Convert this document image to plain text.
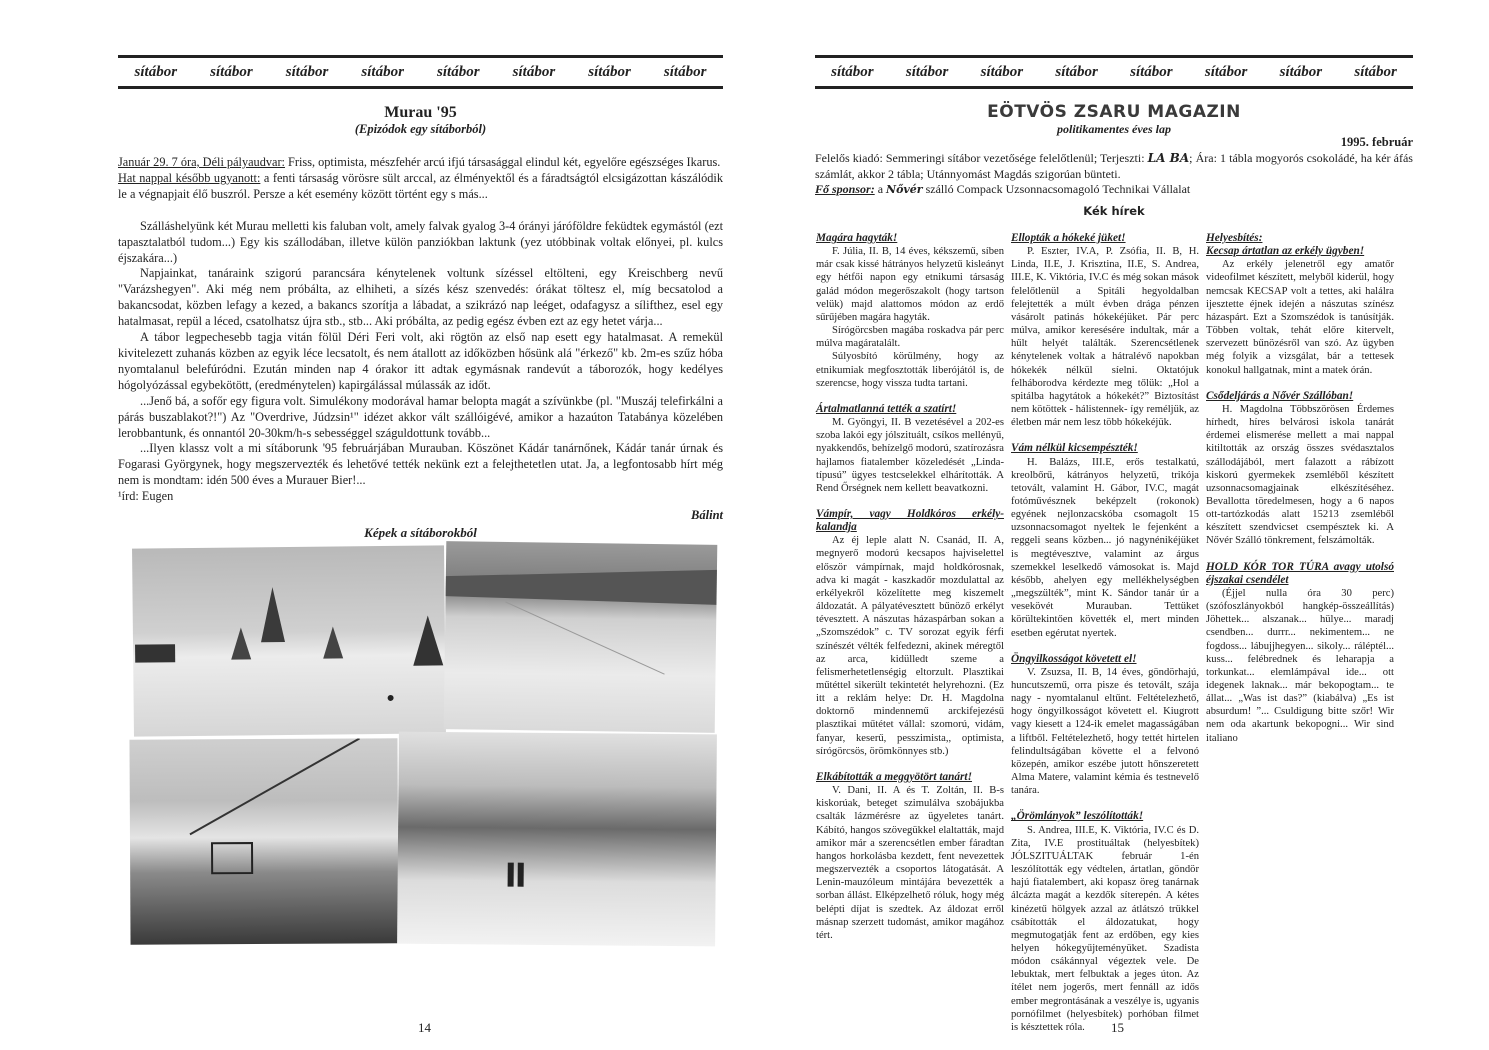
sítábor sítábor sítábor sítábor sítábor sítábor sítábor sítábor
Murau '95
(Epizódok egy sítáborból)

Január 29. 7 óra, Déli pályaudvar: Friss, optimista, mészfehér arcú ifjú társasággal elindul két, egyelőre egészséges Ikarus.

Hat nappal később ugyanott: a fenti társaság vörösre sült arccal, az élményektől és a fáradtságtól elcsigázottan kászálódik le a végnapjait élő buszról. Persze a két esemény között történt egy s más...

Szálláshelyünk két Murau melletti kis faluban volt, amely falvak gyalog 3-4 órányi járóföldre feküdtek egymástól (ezt tapasztalatból tudom...) Egy kis szállodában, illetve külön panziókban laktunk (yez utóbbinak voltak előnyei, pl. kulcs éjszakára...)

Napjainkat, tanáraink szigorú parancsára kénytelenek voltunk sízéssel eltölteni, egy Kreischberg nevű "Varázshegyen". Aki még nem próbálta, az elhiheti, a sízés kész szenvedés: órákat töltesz el, míg becsatolod a bakancsodat, közben lefagy a kezed, a bakancs szorítja a lábadat, a szikrázó nap leéget, odafagysz a sílifthez, esel egy hatalmasat, repül a léced, csatolhatsz újra stb., stb... Aki próbálta, az pedig egész évben ezt az egy hetet várja...

A tábor legpechesebb tagja vitán fölül Déri Feri volt, aki rögtön az első nap esett egy hatalmasat. A remekül kivitelezett zuhanás közben az egyik léce lecsatolt, és nem átallott az időközben hősünk alá "érkező" kb. 2m-es szűz hóba nyomtalanul belefúródni. Ezután minden nap 4 órakor itt adtak egymásnak randevút a táborozók, hogy kedélyes hógolyózással egybekötött, (eredménytelen) kapirgálással múlassák az időt.

...Jenő bá, a sofőr egy figura volt. Simulékony modorával hamar belopta magát a szívünkbe (pl. "Muszáj telefirkálni a párás buszablakot?!") Az "Overdrive, Júdzsin¹" idézet akkor vált szállóigévé, amikor a hazaúton Tatabánya közelében lerobbantunk, és onnantól 20-30km/h-s sebességgel száguldottunk tovább...

...Ilyen klassz volt a mi sítáborunk '95 februárjában Murauban. Köszönet Kádár tanárnőnek, Kádár tanár úrnak és Fogarasi Györgynek, hogy megszervezték és lehetővé tették nekünk ezt a felejthetetlen utat. Ja, a legfontosabb hírt még nem is mondtam: idén 500 éves a Murauer Bier!...

¹írd: Eugen

Bálint
Képek a sítáborokból
14
sítábor sítábor sítábor sítábor sítábor sítábor sítábor sítábor
EÖTVÖS ZSARU MAGAZIN
politikamentes éves lap
1995. február
Felelős kiadó: Semmeringi sítábor vezetősége felelőtlenül; Terjeszti: LA BA; Ára: 1 tábla mogyorós csokoládé, ha kér áfás számlát, akkor 2 tábla; Utánnyomást Magdás szigorúan bünteti.
Fő sponsor: a Nővér szálló Compack Uzsonnacsomagoló Technikai Vállalat
Kék hírek

Magára hagyták!

F. Júlia, II. B, 14 éves, kékszemű, síben már csak kissé hátrányos helyzetű kisleányt egy hétfői napon egy etnikumi társaság galád módon megerőszakolt (hogy tartson velük) majd alattomos módon az erdő sűrűjében magára hagyták.

Sírógörcsben magába roskadva pár perc múlva magáratalált.

Súlyosbító körülmény, hogy az etnikumiak megfosztották liberójától is, de szerencse, hogy vissza tudta tartani.

Ártalmatlanná tették a szatírt!

M. Gyöngyi, II. B vezetésével a 202-es szoba lakói egy jólszituált, csíkos mellényű, nyakkendős, behízelgő modorú, szatírozásra hajlamos fiatalember közeledését „Linda-típusú” ügyes testcselekkel elhárították. A Rend Őrségnek nem kellett beavatkozni.

Vámpír, vagy Holdkóros erkély-kalandja

Az éj leple alatt N. Csanád, II. A, megnyerő modorú kecsapos hajviselettel először vámpírnak, majd holdkórosnak, adva ki magát - kaszkadőr mozdulattal az erkélyekről közelítette meg kiszemelt áldozatát. A pályatévesztett bűnöző erkélyt tévesztett. A nászutas házaspárban sokan a „Szomszédok” c. TV sorozat egyik férfi színészét vélték felfedezni, akinek méregtől az arca, kidülledt szeme a felismerhetetlenségig eltorzult. Plasztikai műtéttel sikerült tekintetét helyrehozni. (Ez itt a reklám helye: Dr. H. Magdolna doktornő mindennemű arckifejezésű plasztikai műtétet vállal: szomorú, vidám, fanyar, keserű, pesszimista,, optimista, sírógörcsös, örömkönnyes stb.)

Elkábították a meggyötört tanárt!

V. Dani, II. A és T. Zoltán, II. B-s kiskorúak, beteget szimulálva szobájukba csalták lázmérésre az ügyeletes tanárt. Kábító, hangos szövegükkel elaltatták, majd amikor már a szerencsétlen ember fáradtan hangos horkolásba kezdett, fent nevezettek megszervezték a csoportos látogatását. A Lenin-mauzóleum mintájára bevezették a sorban állást. Elképzelhető róluk, hogy még belépti díjat is szedtek. Az áldozat erről másnap szerzett tudomást, amikor magához tért.

Ellopták a hókeké jüket!

P. Eszter, IV.A, P. Zsófia, II. B, H. Linda, II.E, J. Krisztina, II.E, S. Andrea, III.E, K. Viktória, IV.C és még sokan mások felelőtlenül a Spitáli hegyoldalban felejtették a múlt évben drága pénzen vásárolt patinás hókekéjüket. Pár perc múlva, amikor keresésére indultak, már a hűlt helyét találták. Szerencsétlenek kénytelenek voltak a hátralévő napokban hókekék nélkül síelni. Oktatójuk felháborodva kérdezte meg tőlük: „Hol a spitálba hagytátok a hókekét?” Biztosítást nem kötöttek - hálistennek- így reméljük, az életben már nem lesz több hókekéjük.

Vám nélkül kicsempészték!

H. Balázs, III.E, erős testalkatú, kreolbőrű, kátrányos helyzetű, trikója tetovált, valamint H. Gábor, IV.C, magát fotóművésznek beképzelt (rokonok) egyének nejlonzacskóba csomagolt 15 uzsonnacsomagot nyeltek le fejenként a reggeli seans közben... jó nagynénikéjüket is megtévesztve, valamint az árgus szemekkel leselkedő vámosokat is. Majd később, ahelyen egy mellékhelységben „megszülték”, mint K. Sándor tanár úr a vesekövét Murauban. Tettüket körültekintően követték el, mert minden esetben egérutat nyertek.

Öngyilkosságot követett el!

V. Zsuzsa, II. B, 14 éves, göndörhajú, huncutszemű, orra pisze és tetovált, szája nagy - nyomtalanul eltűnt. Feltételezhető, hogy öngyilkosságot követett el. Kiugrott vagy kiesett a 124-ik emelet magasságában a liftből. Feltételezhető, hogy tettét hirtelen felindultságában követte el a felvonó közepén, amikor eszébe jutott hőnszeretett Alma Matere, valamint kémia és testnevelő tanára.

„Örömlányok” leszólították!

S. Andrea, III.E, K. Viktória, IV.C és D. Zita, IV.E prostituáltak (helyesbítek) JÓLSZITUÁLTAK február 1-én leszólították egy védtelen, ártatlan, göndör hajú fiatalembert, aki kopasz öreg tanárnak álcázta magát a kezdők síterepén. A kétes kinézetű hölgyek azzal az átlátszó trükkel csábították el áldozatukat, hogy megmutogatják fent az erdőben, egy kies helyen hókegyűjteményüket. Szadista módon csákánnyal végeztek vele. De lebuktak, mert felbuktak a jeges úton. Az ítélet nem jogerős, mert fennáll az idős ember megrontásának a veszélye is, ugyanis pornófilmet (helyesbítek) porhóban filmet is késztettek róla.

Helyesbítés:

Kecsap ártatlan az erkély ügyben!

Az erkély jelenetről egy amatőr videofilmet készített, melyből kiderül, hogy nemcsak KECSAP volt a tettes, aki halálra ijesztette éjnek idején a nászutas színész házaspárt. Ezt a Szomszédok is tanúsítják. Többen voltak, tehát előre kitervelt, szervezett bűnözésről van szó. Az ügyben még folyik a vizsgálat, bár a tettesek konokul hallgatnak, mint a matek órán.

Csődeljárás a Nővér Szállóban!

H. Magdolna Többszörösen Érdemes hírhedt, híres belvárosi iskola tanárát érdemei elismerése mellett a mai nappal kitiltották az ország összes svédasztalos szállodájából, mert falazott a rábízott kiskorú gyermekek zsemléből készített uzsonnacsomagjainak elkészítéséhez. Bevallotta töredelmesen, hogy a 6 napos ott-tartózkodás alatt 15213 zsemléből készített szendvicset csempésztek ki. A Nővér Szálló tönkrement, felszámolták.

HOLD KÓR TOR TÚRA avagy utolsó éjszakai csendélet

(Éjjel nulla óra 30 perc) (szófoszlányokból hangkép-összeállítás) Jöhettek... alszanak... hülye... maradj csendben... durrr... nekimentem... ne fogdoss... lábujjhegyen... sikoly... ráléptél... kuss... felébrednek és leharapja a torkunkat... elemlámpával ide... ott idegenek laknak... már bekopogtam... te állat... „Was ist das?” (kiabálva) „Es ist absurdum! ”... Csuldigung bitte szőr! Wir nem oda akartunk bekopogni... Wir sind italiano

15
